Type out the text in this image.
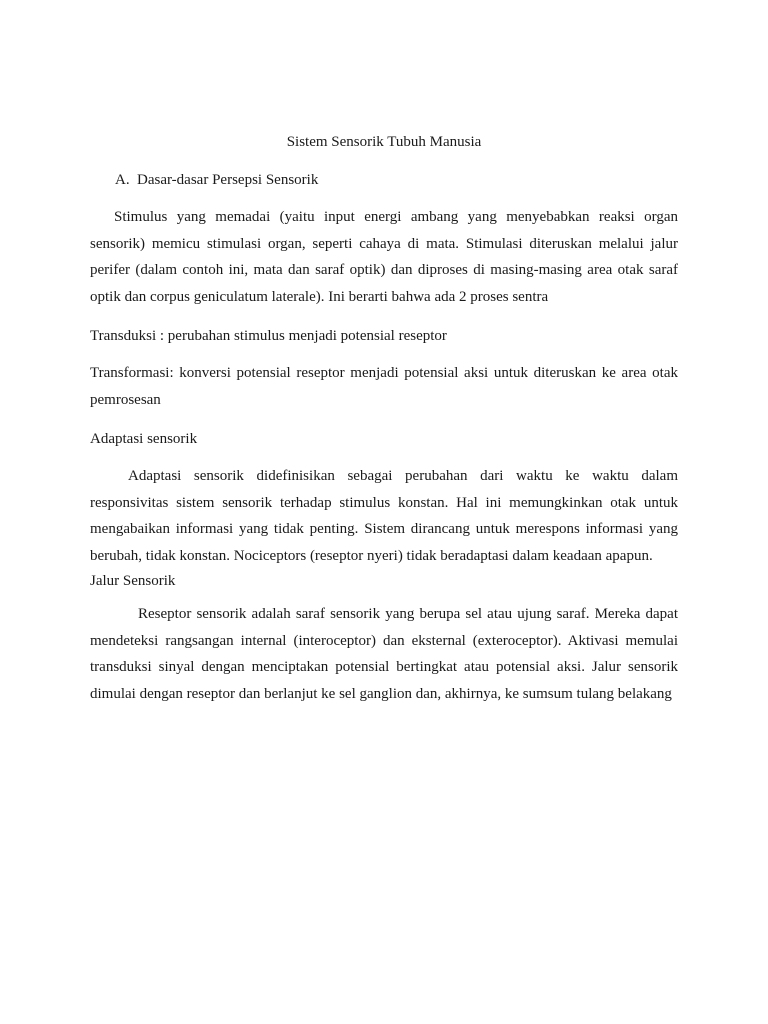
Sistem Sensorik Tubuh Manusia
A. Dasar-dasar Persepsi Sensorik

Stimulus yang memadai (yaitu input energi ambang yang menyebabkan reaksi organ sensorik) memicu stimulasi organ, seperti cahaya di mata. Stimulasi diteruskan melalui jalur perifer (dalam contoh ini, mata dan saraf optik) dan diproses di masing-masing area otak saraf optik dan corpus geniculatum laterale). Ini berarti bahwa ada 2 proses sentra

Transduksi : perubahan stimulus menjadi potensial reseptor

Transformasi: konversi potensial reseptor menjadi potensial aksi untuk diteruskan ke area otak pemrosesan

Adaptasi sensorik

Adaptasi sensorik didefinisikan sebagai perubahan dari waktu ke waktu dalam responsivitas sistem sensorik terhadap stimulus konstan. Hal ini memungkinkan otak untuk mengabaikan informasi yang tidak penting. Sistem dirancang untuk merespons informasi yang berubah, tidak konstan. Nociceptors (reseptor nyeri) tidak beradaptasi dalam keadaan apapun.

Jalur Sensorik

Reseptor sensorik adalah saraf sensorik yang berupa sel atau ujung saraf. Mereka dapat mendeteksi rangsangan internal (interoceptor) dan eksternal (exteroceptor). Aktivasi memulai transduksi sinyal dengan menciptakan potensial bertingkat atau potensial aksi. Jalur sensorik dimulai dengan reseptor dan berlanjut ke sel ganglion dan, akhirnya, ke sumsum tulang belakang
